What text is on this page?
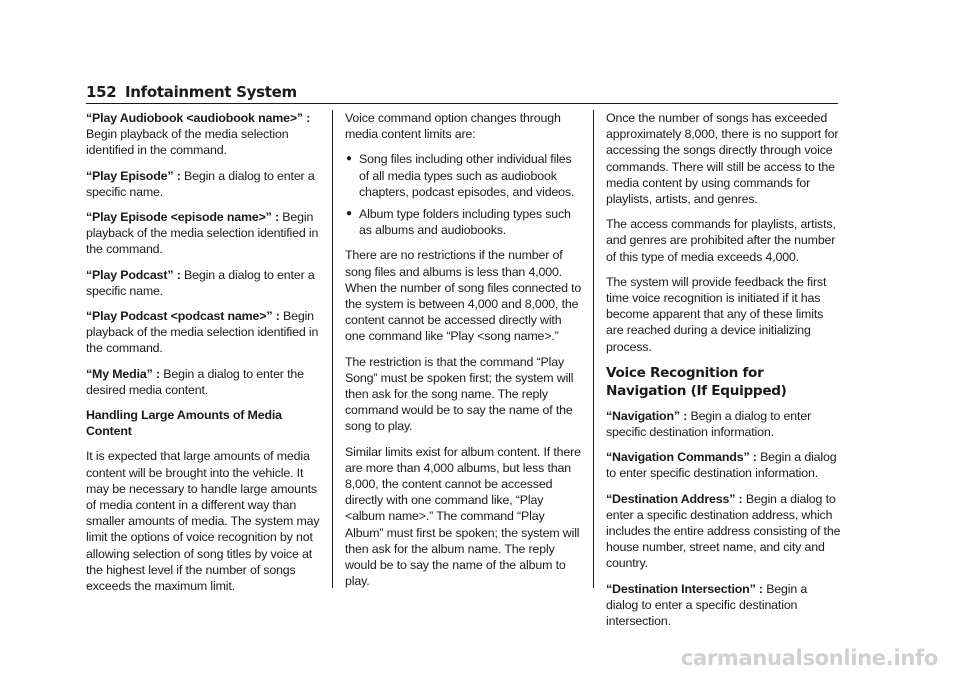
152 Infotainment System

“Play Audiobook <audiobook name>” : Begin playback of the media selection identified in the command.

“Play Episode” : Begin a dialog to enter a specific name.

“Play Episode <episode name>” : Begin playback of the media selection identified in the command.

“Play Podcast” : Begin a dialog to enter a specific name.

“Play Podcast <podcast name>” : Begin playback of the media selection identified in the command.

“My Media” : Begin a dialog to enter the desired media content.

Handling Large Amounts of Media Content

It is expected that large amounts of media content will be brought into the vehicle. It may be necessary to handle large amounts of media content in a different way than smaller amounts of media. The system may limit the options of voice recognition by not allowing selection of song titles by voice at the highest level if the number of songs exceeds the maximum limit.

Voice command option changes through media content limits are:

● Song files including other individual files of all media types such as audiobook chapters, podcast episodes, and videos.
● Album type folders including types such as albums and audiobooks.

There are no restrictions if the number of song files and albums is less than 4,000. When the number of song files connected to the system is between 4,000 and 8,000, the content cannot be accessed directly with one command like “Play <song name>.”

The restriction is that the command “Play Song” must be spoken first; the system will then ask for the song name. The reply command would be to say the name of the song to play.

Similar limits exist for album content. If there are more than 4,000 albums, but less than 8,000, the content cannot be accessed directly with one command like, “Play <album name>.” The command “Play Album” must first be spoken; the system will then ask for the album name. The reply would be to say the name of the album to play.

Once the number of songs has exceeded approximately 8,000, there is no support for accessing the songs directly through voice commands. There will still be access to the media content by using commands for playlists, artists, and genres.

The access commands for playlists, artists, and genres are prohibited after the number of this type of media exceeds 4,000.

The system will provide feedback the first time voice recognition is initiated if it has become apparent that any of these limits are reached during a device initializing process.

Voice Recognition for Navigation (If Equipped)

“Navigation” : Begin a dialog to enter specific destination information.

“Navigation Commands” : Begin a dialog to enter specific destination information.

“Destination Address” : Begin a dialog to enter a specific destination address, which includes the entire address consisting of the house number, street name, and city and country.

“Destination Intersection” : Begin a dialog to enter a specific destination intersection.

carmanualsonline.info
